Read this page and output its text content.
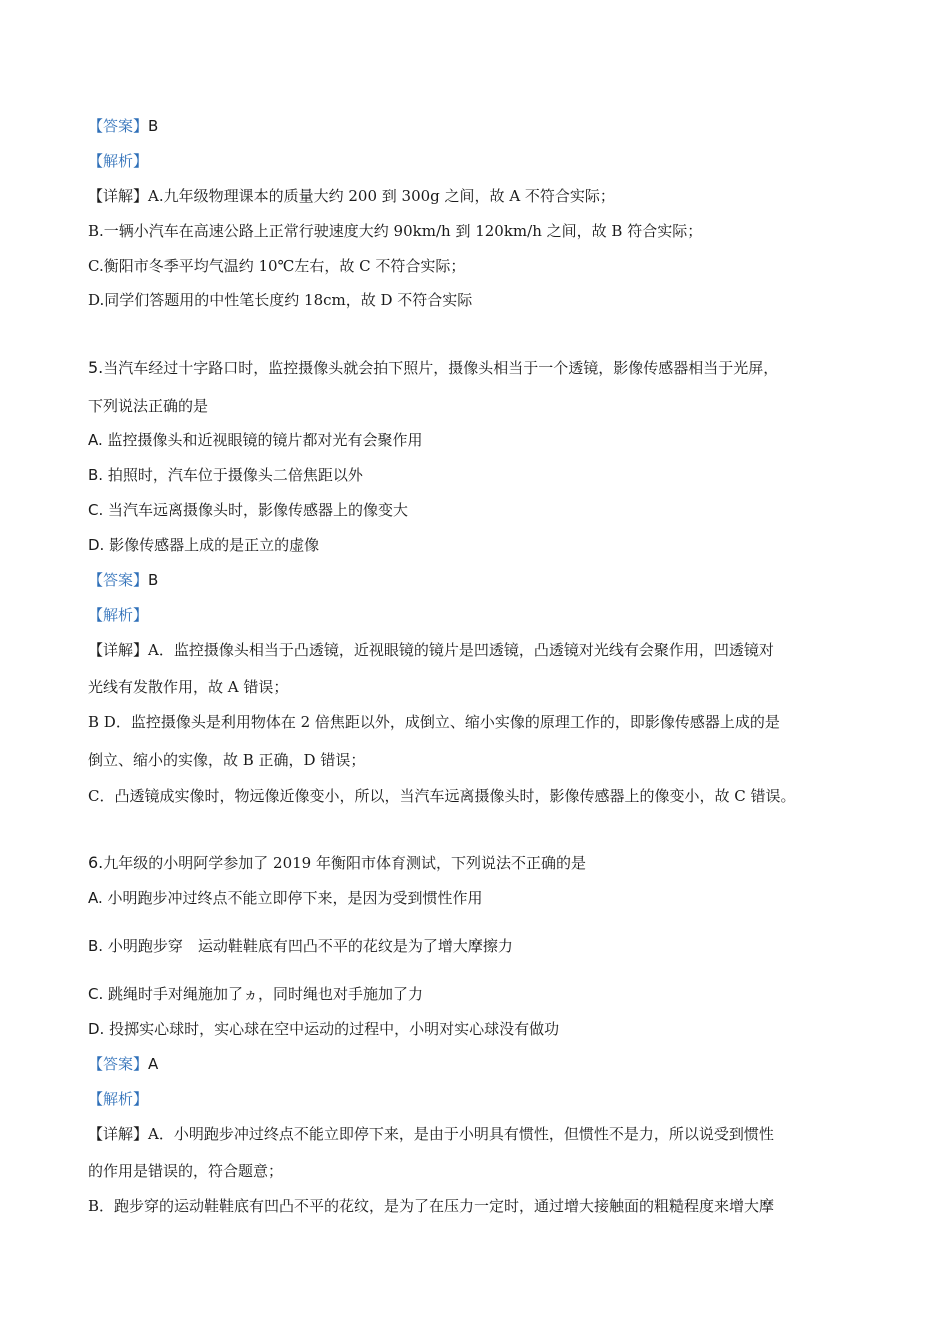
【答案】B

【解析】

【详解】A.九年级物理课本的质量大约 200 到 300g 之间，故 A 不符合实际；

B.一辆小汽车在高速公路上正常行驶速度大约 90km/h 到 120km/h 之间，故 B 符合实际；

C.衡阳市冬季平均气温约 10℃左右，故 C 不符合实际；

D.同学们答题用的中性笔长度约 18cm，故 D 不符合实际

5.当汽车经过十字路口时，监控摄像头就会拍下照片，摄像头相当于一个透镜，影像传感器相当于光屏，

下列说法正确的是

A. 监控摄像头和近视眼镜的镜片都对光有会聚作用

B. 拍照时，汽车位于摄像头二倍焦距以外

C. 当汽车远离摄像头时，影像传感器上的像变大

D. 影像传感器上成的是正立的虚像

【答案】B

【解析】

【详解】A．监控摄像头相当于凸透镜，近视眼镜的镜片是凹透镜，凸透镜对光线有会聚作用，凹透镜对

光线有发散作用，故 A 错误；

B D．监控摄像头是利用物体在 2 倍焦距以外，成倒立、缩小实像的原理工作的，即影像传感器上成的是

倒立、缩小的实像，故 B 正确，D 错误；

C．凸透镜成实像时，物远像近像变小，所以，当汽车远离摄像头时，影像传感器上的像变小，故 C 错误。

6.九年级的小明阿学参加了 2019 年衡阳市体育测试，下列说法不正确的是

A. 小明跑步冲过终点不能立即停下来，是因为受到惯性作用

B. 小明跑步穿　运动鞋鞋底有凹凸不平的花纹是为了增大摩擦力

C. 跳绳时手对绳施加了ヵ，同时绳也对手施加了力

D. 投掷实心球时，实心球在空中运动的过程中，小明对实心球没有做功

【答案】A

【解析】

【详解】A．小明跑步冲过终点不能立即停下来，是由于小明具有惯性，但惯性不是力，所以说受到惯性

的作用是错误的，符合题意；

B．跑步穿的运动鞋鞋底有凹凸不平的花纹，是为了在压力一定时，通过增大接触面的粗糙程度来增大摩
